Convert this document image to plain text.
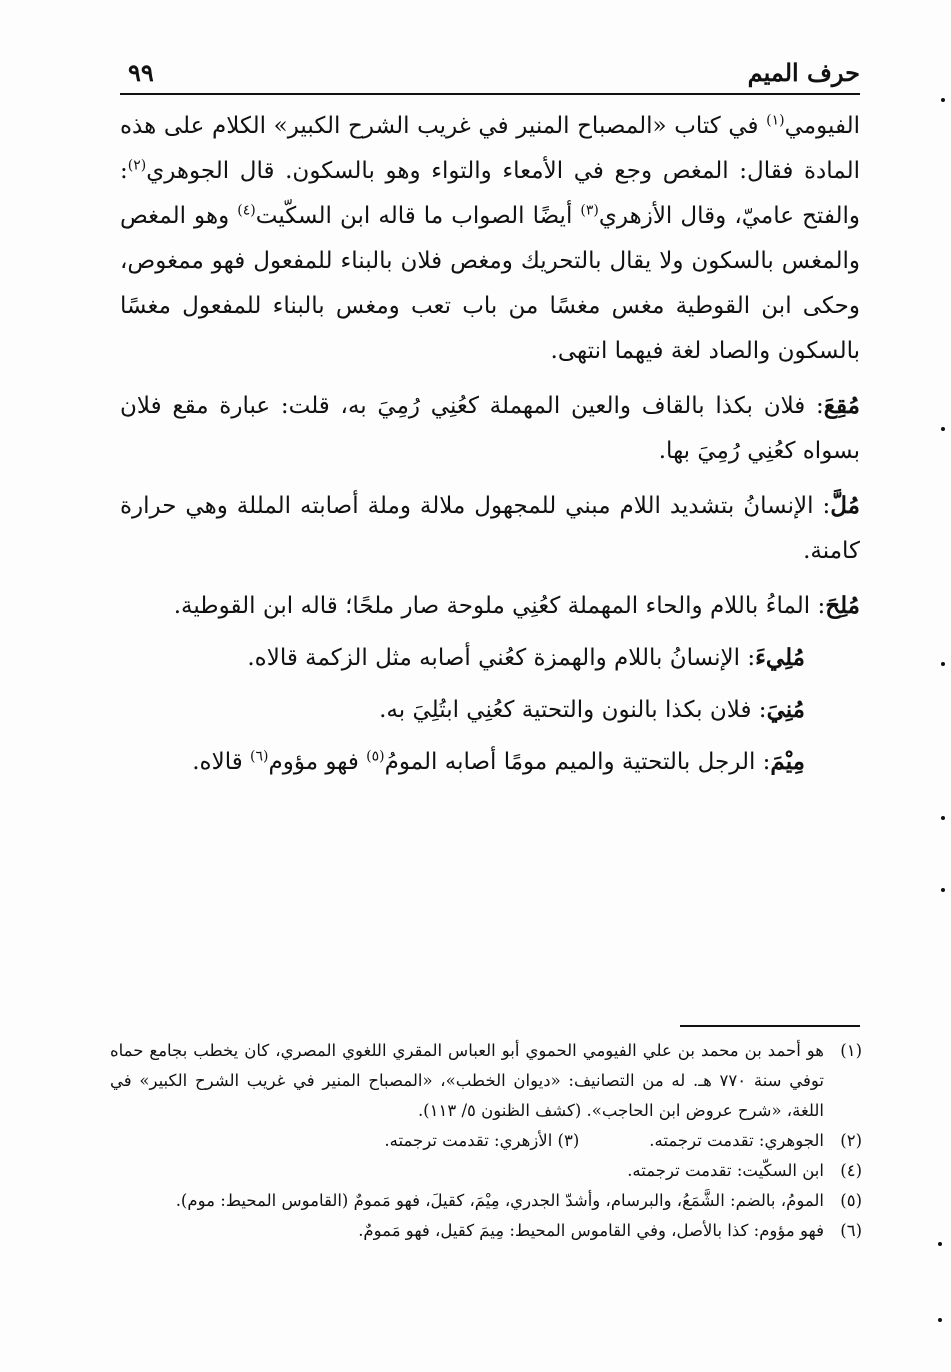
حرف الميم
٩٩

الفيومي$^{(١)}$ في كتاب «المصباح المنير في غريب الشرح الكبير» الكلام على هذه المادة فقال: المغص وجع في الأمعاء والتواء وهو بالسكون. قال الجوهري$^{(٢)}$: والفتح عاميّ، وقال الأزهري$^{(٣)}$ أيضًا الصواب ما قاله ابن السكّيت$^{(٤)}$ وهو المغص والمغس بالسكون ولا يقال بالتحريك ومغص فلان بالبناء للمفعول فهو ممغوص، وحكى ابن القوطية مغس مغسًا من باب تعب ومغس بالبناء للمفعول مغسًا بالسكون والصاد لغة فيهما انتهى.

مُقِعَ: فلان بكذا بالقاف والعين المهملة كعُنِي رُمِيَ به، قلت: عبارة مقع فلان بسواه كعُنِي رُمِيَ بها.

مُلَّ: الإنسانُ بتشديد اللام مبني للمجهول ملالة وملة أصابته المللة وهي حرارة كامنة.

مُلِحَ: الماءُ باللام والحاء المهملة كعُنِي ملوحة صار ملحًا؛ قاله ابن القوطية.

مُلِيءَ: الإنسانُ باللام والهمزة كعُني أصابه مثل الزكمة قالاه.

مُنِيَ: فلان بكذا بالنون والتحتية كعُنِي ابتُلِيَ به.

مِيْمَ: الرجل بالتحتية والميم مومًا أصابه المومُ$^{(٥)}$ فهو مؤوم$^{(٦)}$ قالاه.

(١)
هو أحمد بن محمد بن علي الفيومي الحموي أبو العباس المقري اللغوي المصري، كان يخطب بجامع حماه توفي سنة ٧٧٠ هـ. له من التصانيف: «ديوان الخطب»، «المصباح المنير في غريب الشرح الكبير» في اللغة، «شرح عروض ابن الحاجب». (كشف الظنون ٥/ ١١٣).

(٢)
الجوهري: تقدمت ترجمته.(٣) الأزهري: تقدمت ترجمته.

(٤)
ابن السكّيت: تقدمت ترجمته.

(٥)
المومُ، بالضم: الشَّمَعُ، والبرسام، وأشدّ الجدري، مِيْمَ، كقيلَ، فهو مَمومٌ (القاموس المحيط: موم).

(٦)
فهو مؤوم: كذا بالأصل، وفي القاموس المحيط: مِيمَ كقيل، فهو مَمومٌ.
